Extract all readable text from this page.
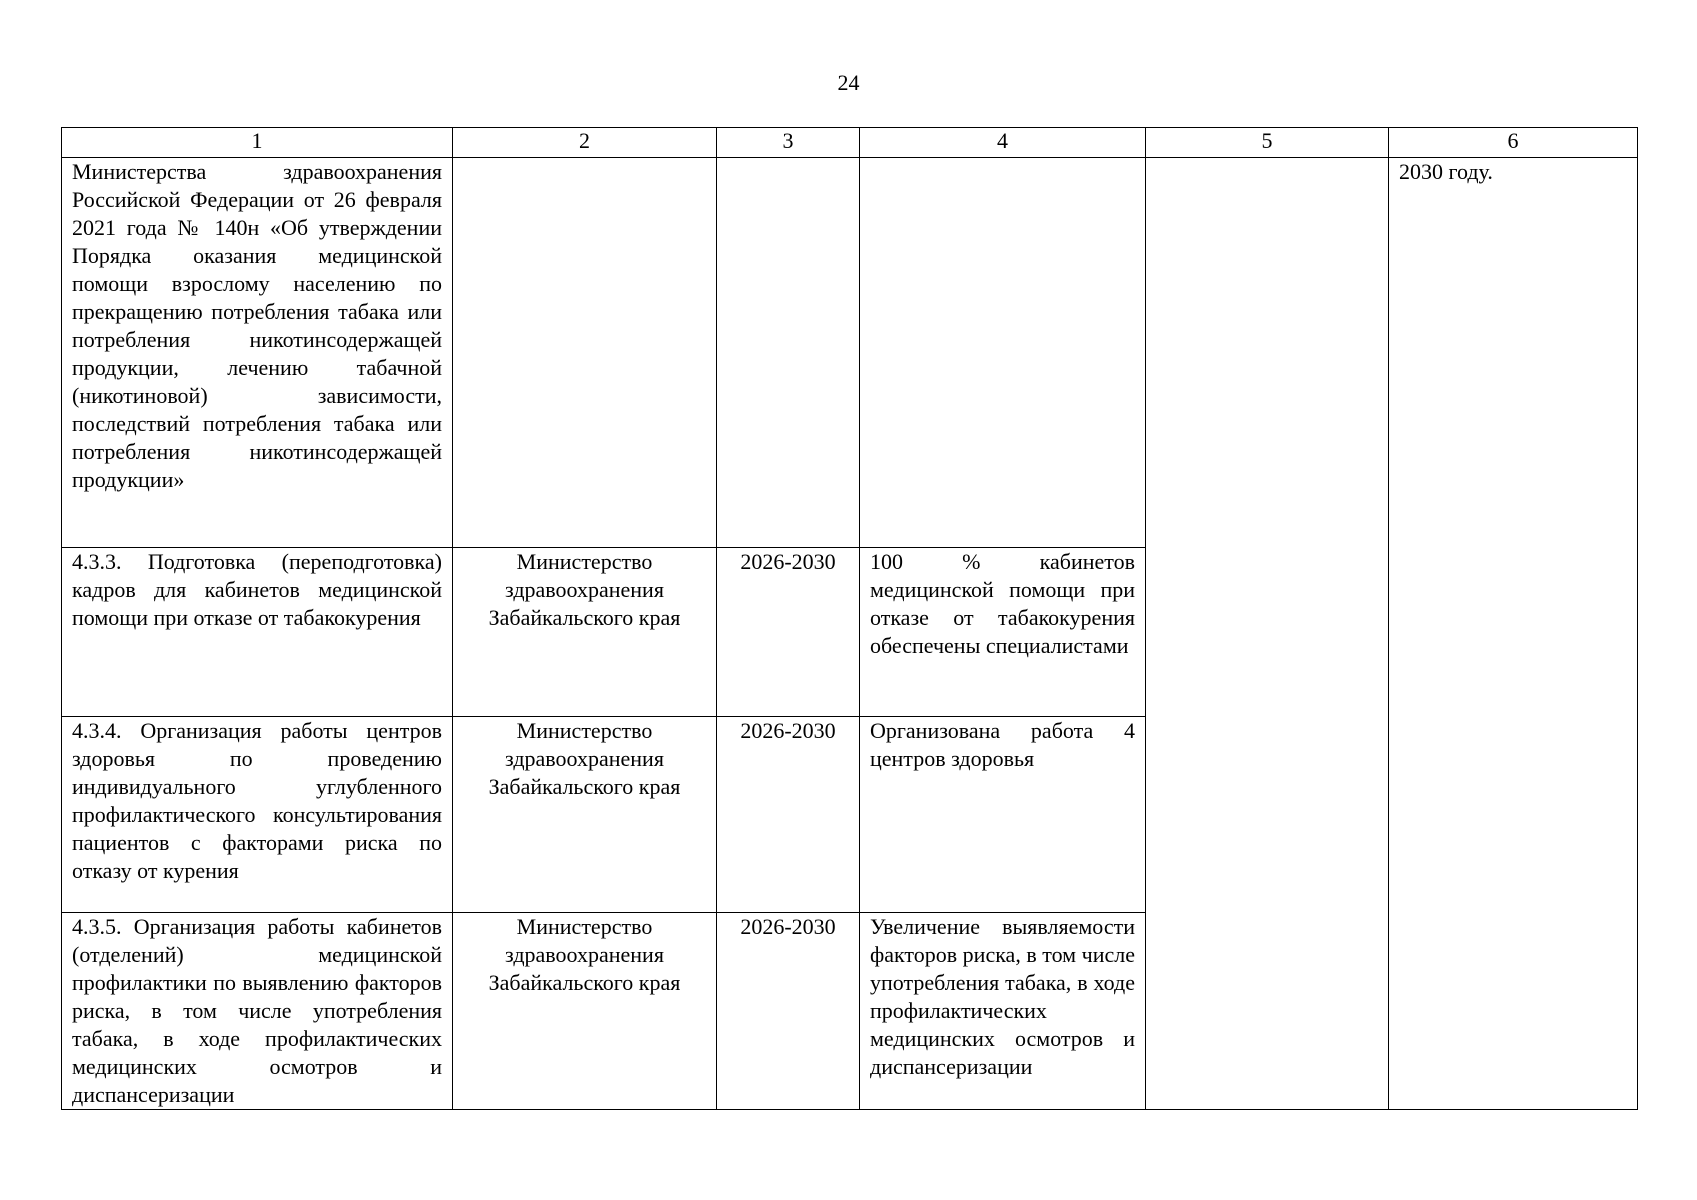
24
1	2	3	4	5	6
Министерства здравоохранения Российской Федерации от 26 февраля 2021 года № 140н «Об утверждении Порядка оказания медицинской помощи взрослому населению по прекращению потребления табака или потребления никотинсодержащей продукции, лечению табачной (никотиновой) зависимости, последствий потребления табака или потребления никотинсодержащей продукции»					2030 году.
4.3.3. Подготовка (переподготовка) кадров для кабинетов медицинской помощи при отказе от табакокурения	Министерство здравоохранения Забайкальского края	2026-2030	100 % кабинетов медицинской помощи при отказе от табакокурения обеспечены специалистами		
4.3.4. Организация работы центров здоровья по проведению индивидуального углубленного профилактического консультирования пациентов с факторами риска по отказу от курения	Министерство здравоохранения Забайкальского края	2026-2030	Организована работа 4 центров здоровья		
4.3.5. Организация работы кабинетов (отделений) медицинской профилактики по выявлению факторов риска, в том числе употребления табака, в ходе профилактических медицинских осмотров и диспансеризации	Министерство здравоохранения Забайкальского края	2026-2030	Увеличение выявляемости факторов риска, в том числе употребления табака, в ходе профилактических медицинских осмотров и диспансеризации		
